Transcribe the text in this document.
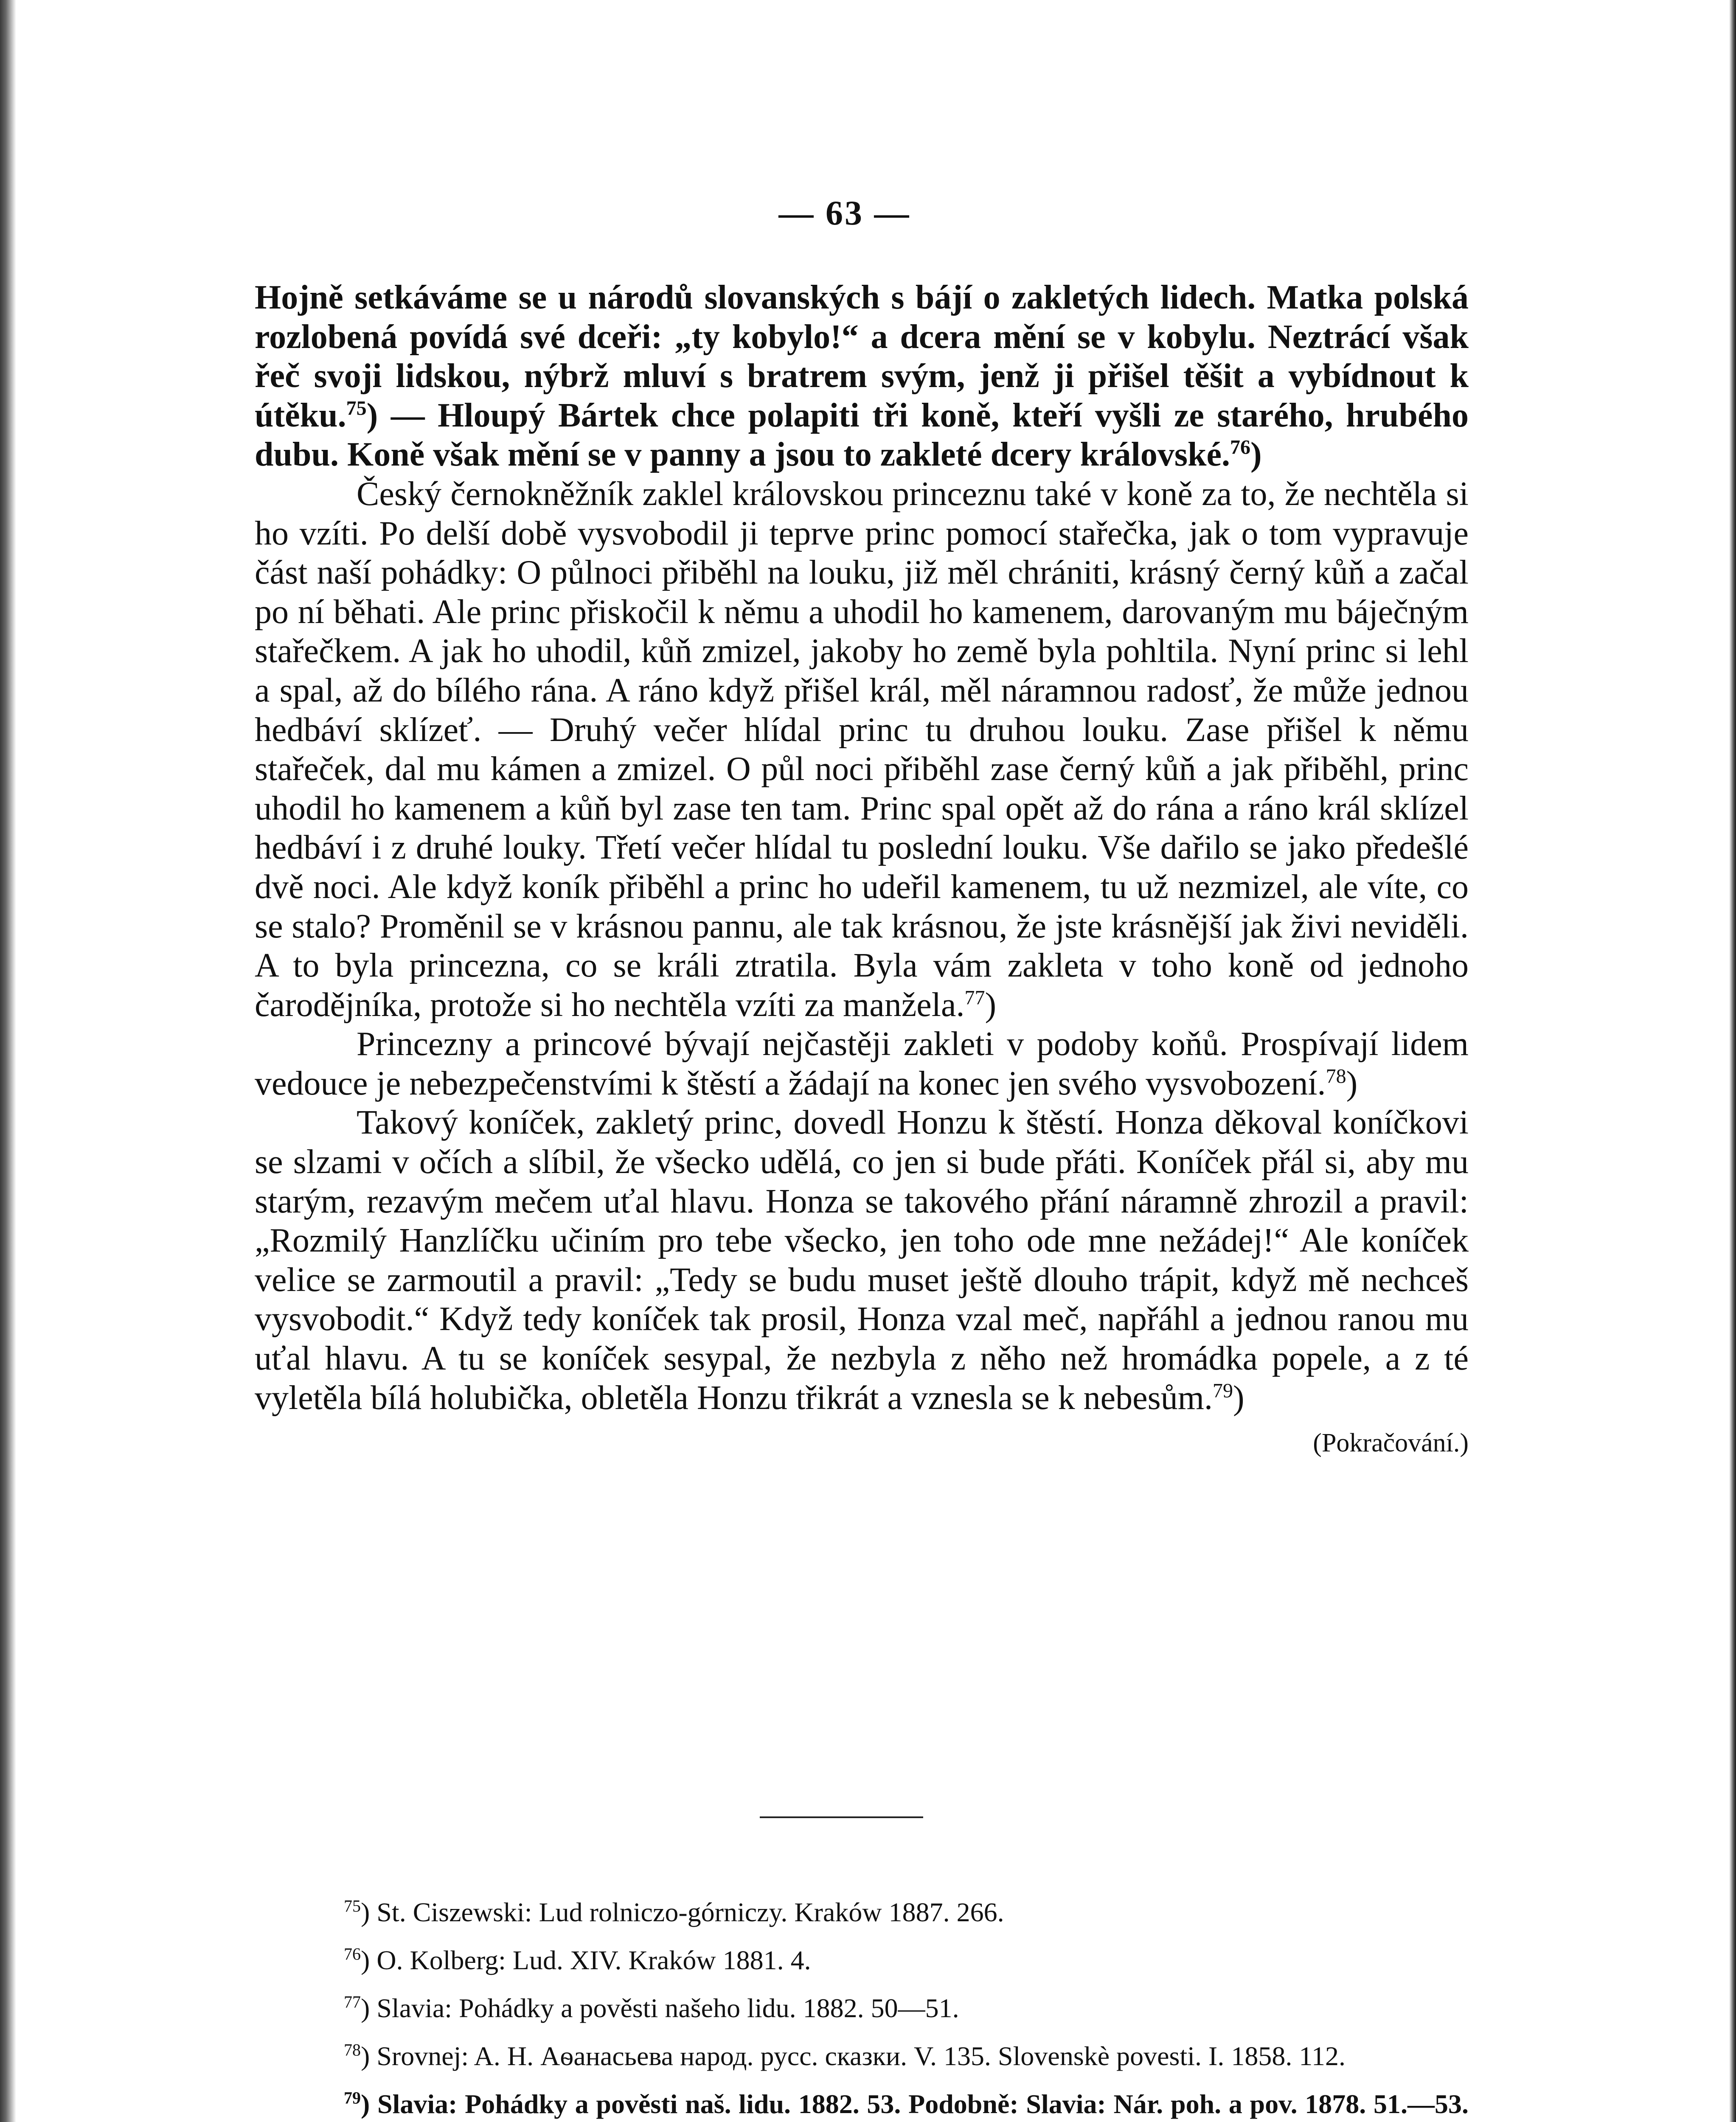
— 63 —

Hojně setkáváme se u národů slovanských s bájí o zakletých lidech. Matka polská rozlobená povídá své dceři: „ty kobylo!“ a dcera mění se v kobylu. Neztrácí však řeč svoji lidskou, nýbrž mluví s bratrem svým, jenž ji přišel těšit a vybídnout k útěku.$^{75}$) — Hloupý Bártek chce polapiti tři koně, kteří vyšli ze starého, hrubého dubu. Koně však mění se v panny a jsou to zakleté dcery královské.$^{76}$)

Český černokněžník zaklel královskou princeznu také v koně za to, že nechtěla si ho vzíti. Po delší době vysvobodil ji teprve princ pomocí stařečka, jak o tom vypravuje část naší pohádky: O půlnoci přiběhl na louku, již měl chrániti, krásný černý kůň a začal po ní běhati. Ale princ přiskočil k němu a uhodil ho kamenem, darovaným mu báječným stařečkem. A jak ho uhodil, kůň zmizel, jakoby ho země byla pohltila. Nyní princ si lehl a spal, až do bílého rána. A ráno když přišel král, měl náramnou radosť, že může jednou hedbáví sklízeť. — Druhý večer hlídal princ tu druhou louku. Zase přišel k němu stařeček, dal mu kámen a zmizel. O půl noci přiběhl zase černý kůň a jak přiběhl, princ uhodil ho kamenem a kůň byl zase ten tam. Princ spal opět až do rána a ráno král sklízel hedbáví i z druhé louky. Třetí večer hlídal tu poslední louku. Vše dařilo se jako předešlé dvě noci. Ale když koník přiběhl a princ ho udeřil kamenem, tu už nezmizel, ale víte, co se stalo? Proměnil se v krásnou pannu, ale tak krásnou, že jste krásnější jak živi neviděli. A to byla princezna, co se králi ztratila. Byla vám zakleta v toho koně od jednoho čarodějníka, protože si ho nechtěla vzíti za manžela.$^{77}$)

Princezny a princové bývají nejčastěji zakleti v podoby koňů. Prospívají lidem vedouce je nebezpečenstvími k štěstí a žádají na konec jen svého vysvobození.$^{78}$)

Takový koníček, zakletý princ, dovedl Honzu k štěstí. Honza děkoval koníčkovi se slzami v očích a slíbil, že všecko udělá, co jen si bude přáti. Koníček přál si, aby mu starým, rezavým mečem uťal hlavu. Honza se takového přání náramně zhrozil a pravil: „Rozmilý Hanzlíčku učiním pro tebe všecko, jen toho ode mne nežádej!“ Ale koníček velice se zarmoutil a pravil: „Tedy se budu muset ještě dlouho trápit, když mě nechceš vysvobodit.“ Když tedy koníček tak prosil, Honza vzal meč, napřáhl a jednou ranou mu uťal hlavu. A tu se koníček sesypal, že nezbyla z něho než hromádka popele, a z té vyletěla bílá holubička, obletěla Honzu třikrát a vznesla se k nebesům.$^{79}$)
(Pokračování.)

$^{75}$) St. Ciszewski: Lud rolniczo-górniczy. Kraków 1887. 266.

$^{76}$) O. Kolberg: Lud. XIV. Kraków 1881. 4.

$^{77}$) Slavia: Pohádky a pověsti našeho lidu. 1882. 50—51.

$^{78}$) Srovnej: A. H. Аѳанасьева народ. русс. сказки. V. 135. Slovenskè povesti. I. 1858. 112.

$^{79}$) Slavia: Pohádky a pověsti naš. lidu. 1882. 53. Podobně: Slavia: Nár. poh. a pov. 1878. 51.—53.
